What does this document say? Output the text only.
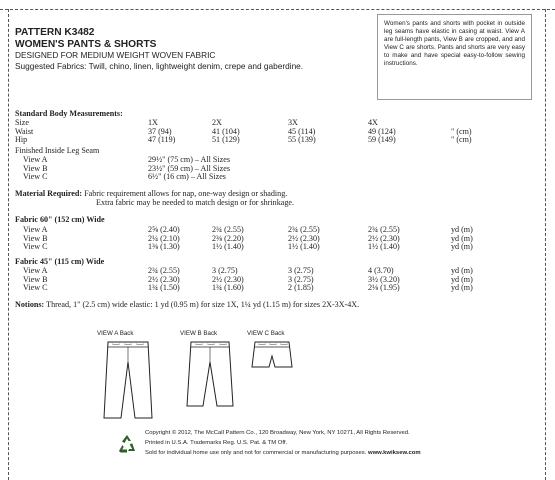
PATTERN K3482
WOMEN'S PANTS & SHORTS
DESIGNED FOR MEDIUM WEIGHT WOVEN FABRIC
Suggested Fabrics: Twill, chino, linen, lightweight denim, crepe and gaberdine.
Women's pants and shorts with pocket in outside leg seams have elastic in casing at waist. View A are full-length pants, View B are cropped, and and View C are shorts. Pants and shorts are very easy to make and have special easy-to-follow sewing instructions.
Standard Body Measurements:
Size	1X	2X	3X	4X
Waist	37 (94)	41 (104)	45 (114)	49 (124)	" (cm)
Hip	47 (119)	51 (129)	55 (139)	59 (149)	" (cm)
Finished Inside Leg Seam
View A	29½" (75 cm) – All Sizes
View B	23½" (59 cm) – All Sizes
View C	6½" (16 cm) – All Sizes
Material Required: Fabric requirement allows for nap, one-way design or shading.
Extra fabric may be needed to match design or for shrinkage.
Fabric 60" (152 cm) Wide
View A	2⅝ (2.40)	2¾ (2.55)	2¾ (2.55)	2¾ (2.55)	yd (m)
View B	2¼ (2.10)	2⅜ (2.20)	2½ (2.30)	2½ (2.30)	yd (m)
View C	1⅜ (1.30)	1½ (1.40)	1½ (1.40)	1½ (1.40)	yd (m)
Fabric 45" (115 cm) Wide
View A	2¾ (2.55)	3 (2.75)	3 (2.75)	4 (3.70)	yd (m)
View B	2½ (2.30)	2½ (2.30)	3 (2.75)	3½ (3.20)	yd (m)
View C	1¾ (1.50)	1¾ (1.60)	2 (1.85)	2⅛ (1.95)	yd (m)
Notions: Thread, 1" (2.5 cm) wide elastic: 1 yd (0.95 m) for size 1X, 1¼ yd (1.15 m) for sizes 2X-3X-4X.
VIEW A Back	VIEW B Back	VIEW C Back
Copyright © 2012, The McCall Pattern Co., 120 Broadway, New York, NY 10271, All Rights Reserved.
Printed in U.S.A. Trademarks Reg. U.S. Pat. & TM Off.
Sold for individual home use only and not for commercial or manufacturing purposes. www.kwiksew.com
